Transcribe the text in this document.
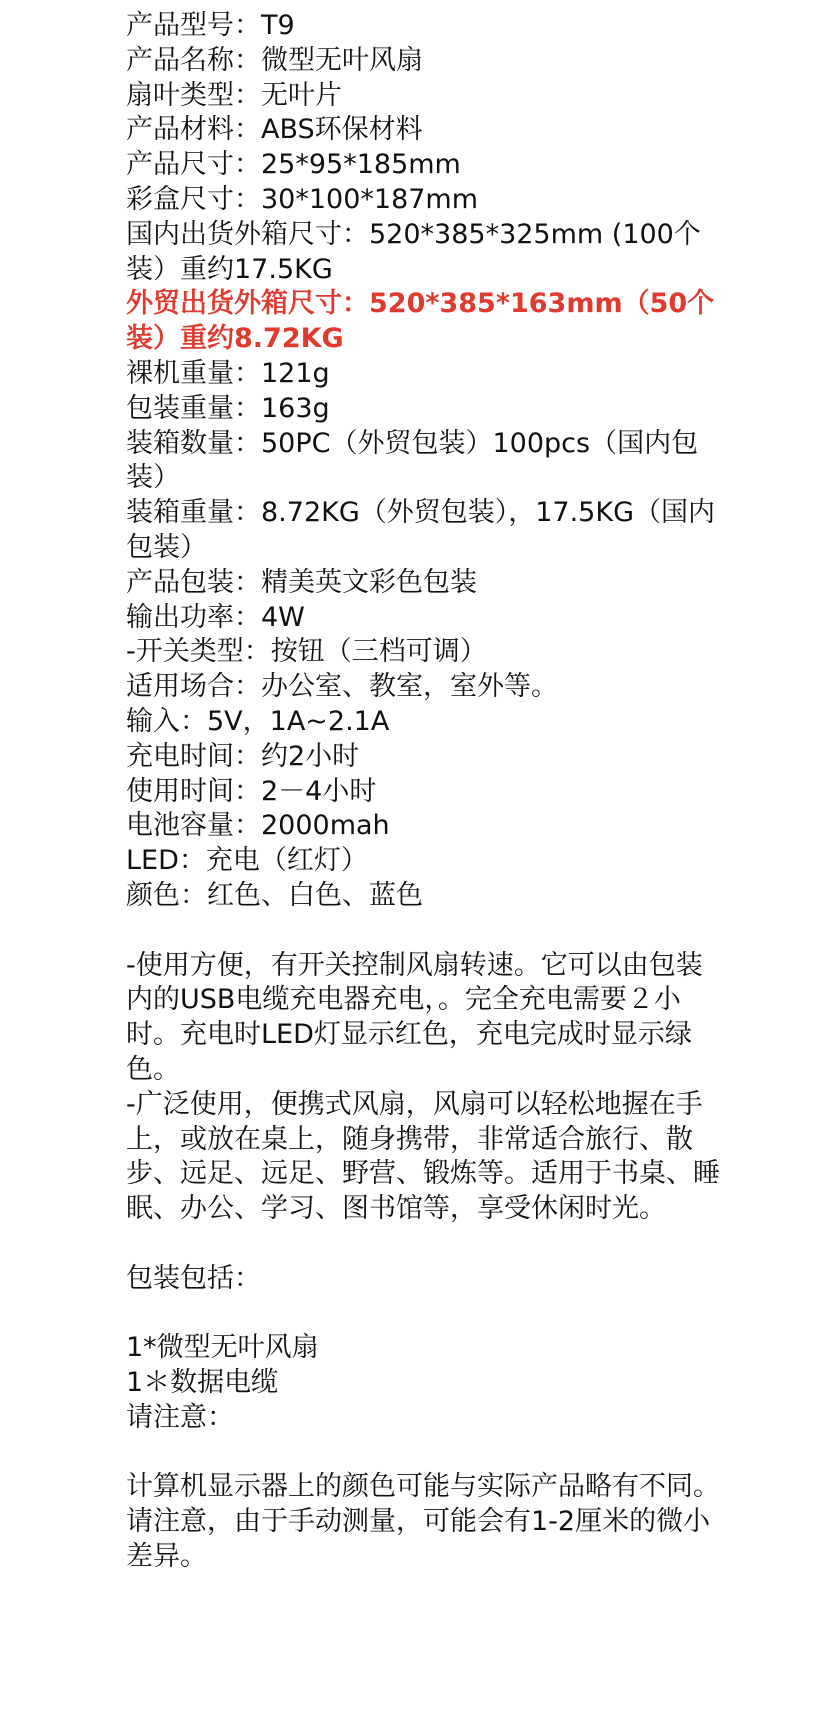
产品型号：T9

产品名称：微型无叶风扇

扇叶类型：无叶片

产品材料：ABS环保材料

产品尺寸：25*95*185mm

彩盒尺寸：30*100*187mm

国内出货外箱尺寸：520*385*325mm (100个装）重约17.5KG

外贸出货外箱尺寸：520*385*163mm（50个装）重约8.72KG

裸机重量：121g

包装重量：163g

装箱数量：50PC（外贸包装）100pcs（国内包装）

装箱重量：8.72KG（外贸包装），17.5KG（国内包装）

产品包装：精美英文彩色包装

输出功率：4W

-开关类型：按钮（三档可调）

适用场合：办公室、教室，室外等。

输入：5V，1A~2.1A

充电时间：约2小时

使用时间：2－4小时

电池容量：2000mah

LED：充电（红灯）

颜色：红色、白色、蓝色

-使用方便，有开关控制风扇转速。它可以由包装内的USB电缆充电器充电，。完全充电需要２小时。充电时LED灯显示红色，充电完成时显示绿色。

-广泛使用，便携式风扇，风扇可以轻松地握在手上，或放在桌上，随身携带，非常适合旅行、散步、远足、远足、野营、锻炼等。适用于书桌、睡眠、办公、学习、图书馆等，享受休闲时光。

包装包括：

1*微型无叶风扇

1＊数据电缆

请注意：

计算机显示器上的颜色可能与实际产品略有不同。

请注意，由于手动测量，可能会有1-2厘米的微小差异。
